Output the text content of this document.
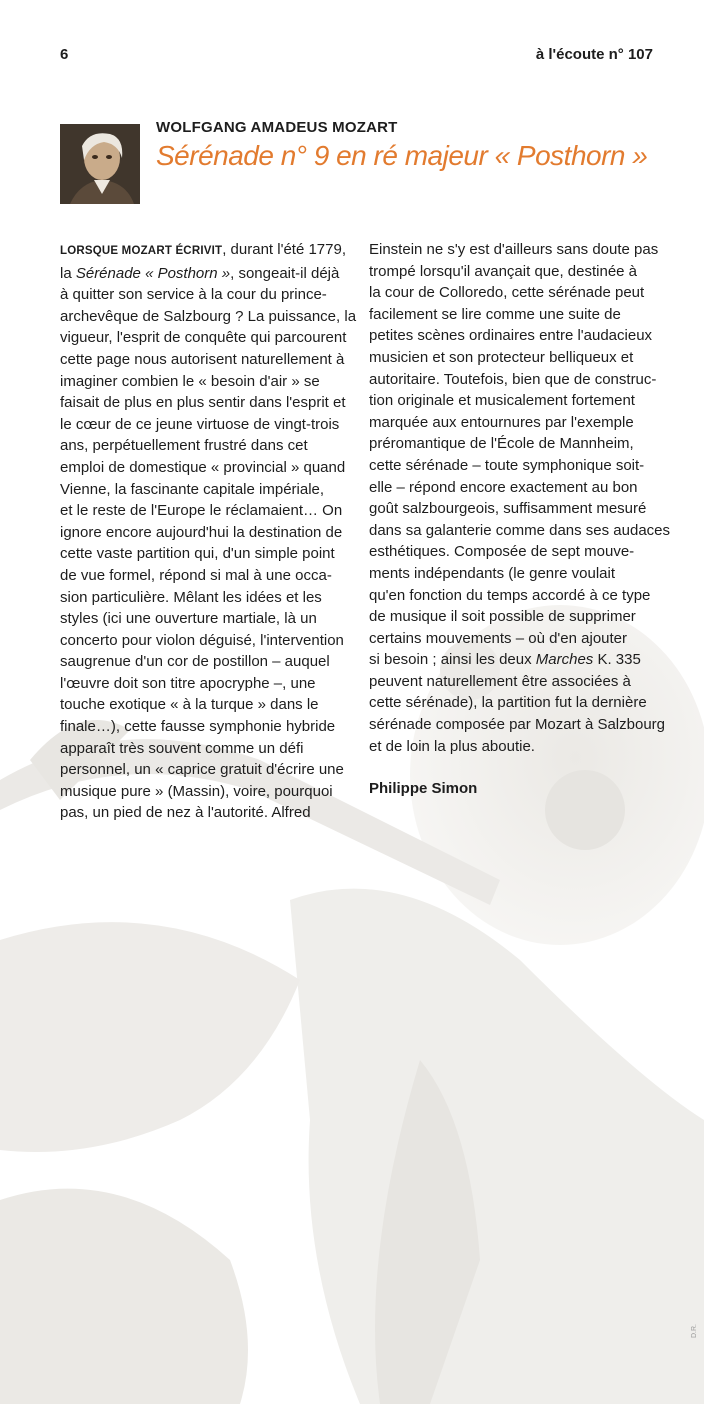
6	à l'écoute n° 107
WOLFGANG AMADEUS MOZART
Sérénade n° 9 en ré majeur « Posthorn »
LORSQUE MOZART ÉCRIVIT, durant l'été 1779,
la Sérénade « Posthorn », songeait-il déjà
à quitter son service à la cour du prince-
archevêque de Salzbourg ? La puissance, la
vigueur, l'esprit de conquête qui parcourent
cette page nous autorisent naturellement à
imaginer combien le « besoin d'air » se
faisait de plus en plus sentir dans l'esprit et
le cœur de ce jeune virtuose de vingt-trois
ans, perpétuellement frustré dans cet
emploi de domestique « provincial » quand
Vienne, la fascinante capitale impériale,
et le reste de l'Europe le réclamaient… On
ignore encore aujourd'hui la destination de
cette vaste partition qui, d'un simple point
de vue formel, répond si mal à une occa-
sion particulière. Mêlant les idées et les
styles (ici une ouverture martiale, là un
concerto pour violon déguisé, l'intervention
saugrenue d'un cor de postillon – auquel
l'œuvre doit son titre apocryphe –, une
touche exotique « à la turque » dans le
finale…), cette fausse symphonie hybride
apparaît très souvent comme un défi
personnel, un « caprice gratuit d'écrire une
musique pure » (Massin), voire, pourquoi
pas, un pied de nez à l'autorité. Alfred
Einstein ne s'y est d'ailleurs sans doute pas
trompé lorsqu'il avançait que, destinée à
la cour de Colloredo, cette sérénade peut
facilement se lire comme une suite de
petites scènes ordinaires entre l'audacieux
musicien et son protecteur belliqueux et
autoritaire. Toutefois, bien que de construc-
tion originale et musicalement fortement
marquée aux entournures par l'exemple
préromantique de l'École de Mannheim,
cette sérénade – toute symphonique soit-
elle – répond encore exactement au bon
goût salzbourgeois, suffisamment mesuré
dans sa galanterie comme dans ses audaces
esthétiques. Composée de sept mouve-
ments indépendants (le genre voulait
qu'en fonction du temps accordé à ce type
de musique il soit possible de supprimer
certains mouvements – où d'en ajouter
si besoin ; ainsi les deux Marches K. 335
peuvent naturellement être associées à
cette sérénade), la partition fut la dernière
sérénade composée par Mozart à Salzbourg
et de loin la plus aboutie.
Philippe Simon
D.R.
